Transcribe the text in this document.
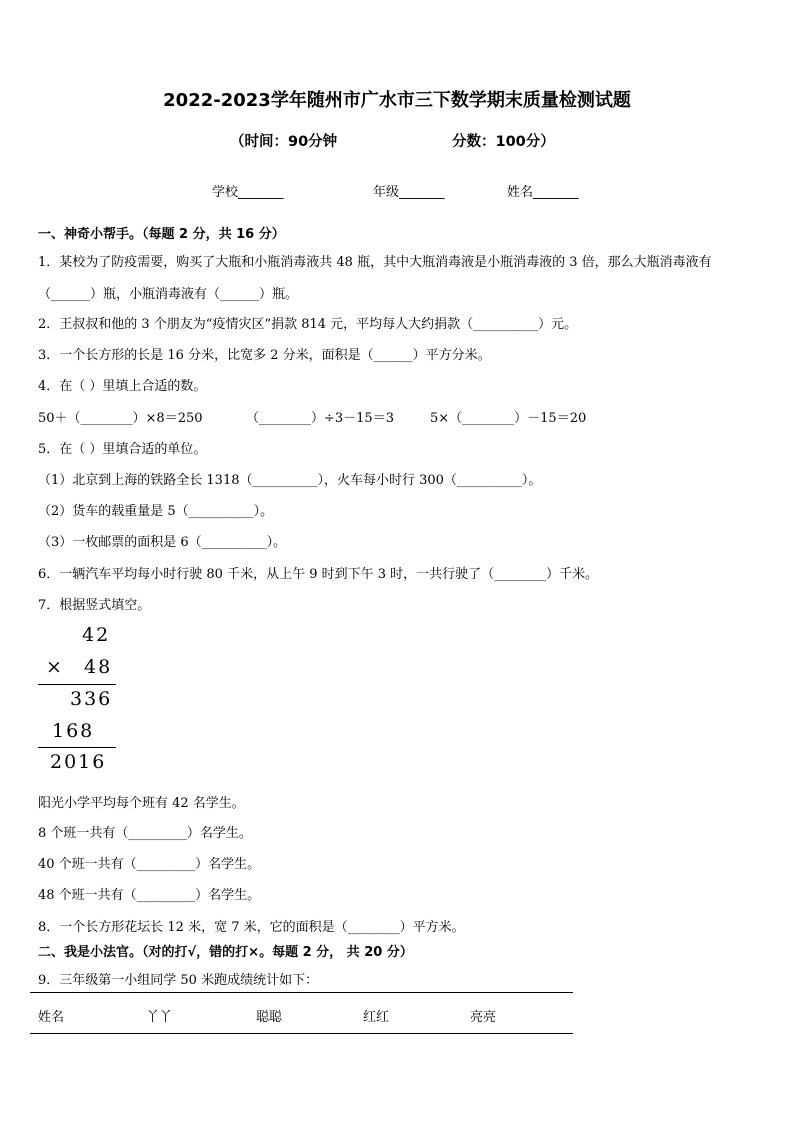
2022-2023学年随州市广水市三下数学期末质量检测试题
（时间：90分钟	分数：100分）
学校_______	年级_______	姓名_______
一、神奇小帮手。（每题 2 分，共 16 分）
1．某校为了防疫需要，购买了大瓶和小瓶消毒液共 48 瓶，其中大瓶消毒液是小瓶消毒液的 3 倍，那么大瓶消毒液有
（______）瓶，小瓶消毒液有（______）瓶。
2．王叔叔和他的 3 个朋友为“疫情灾区”捐款 814 元，平均每人大约捐款（__________）元。
3．一个长方形的长是 16 分米，比宽多 2 分米，面积是（______）平方分米。
4．在（ ）里填上合适的数。
50＋（________）×8＝250	（________）÷3－15＝3	5×（________）－15＝20
5．在（ ）里填合适的单位。
（1）北京到上海的铁路全长 1318（__________），火车每小时行 300（__________）。
（2）货车的载重量是 5（__________）。
（3）一枚邮票的面积是 6（__________）。
6．一辆汽车平均每小时行驶 80 千米，从上午 9 时到下午 3 时，一共行驶了（________）千米。
7．根据竖式填空。
42
× 48
336
168
2016
阳光小学平均每个班有 42 名学生。
8 个班一共有（_________）名学生。
40 个班一共有（_________）名学生。
48 个班一共有（_________）名学生。
8．一个长方形花坛长 12 米，宽 7 米，它的面积是（________）平方米。
二、我是小法官。（对的打√，错的打×。每题 2 分， 共 20 分）
9．三年级第一小组同学 50 米跑成绩统计如下：
姓名	丫丫	聪聪	红红	亮亮
